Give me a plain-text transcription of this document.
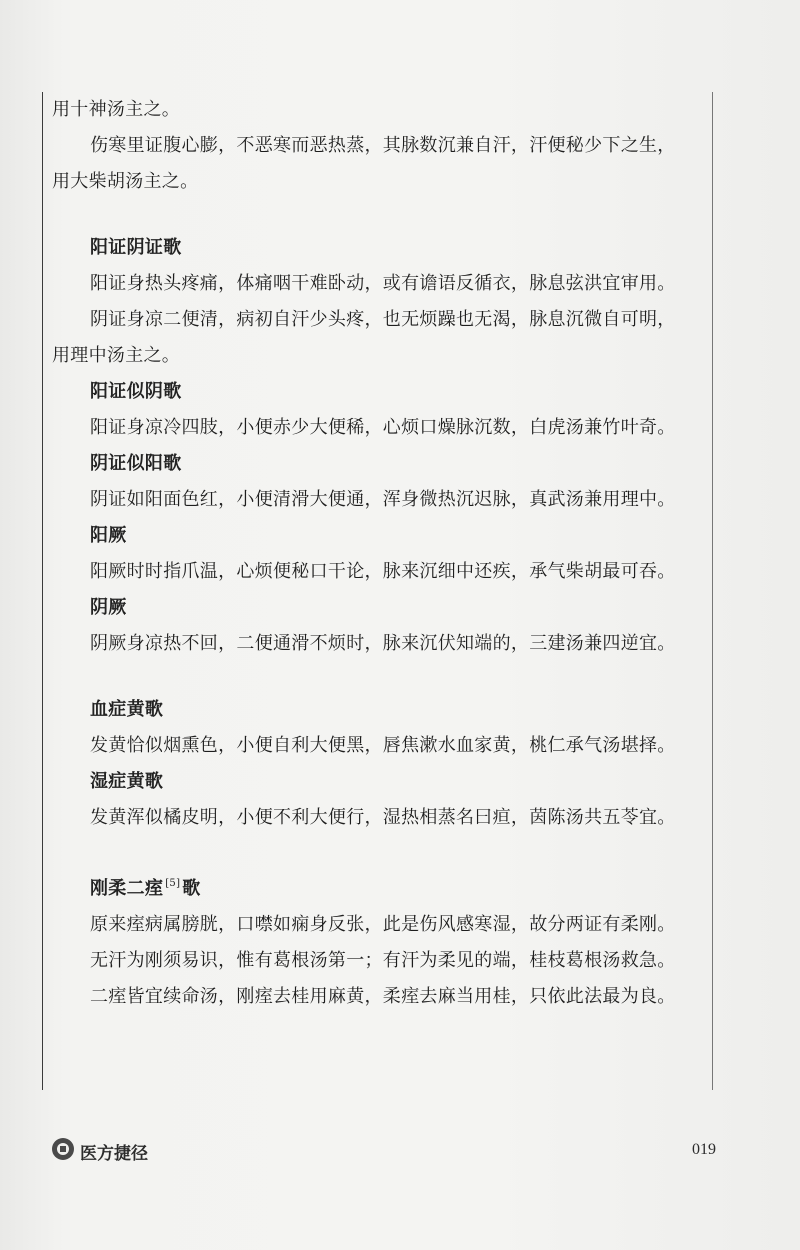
用十神汤主之。

伤寒里证腹心膨，不恶寒而恶热蒸，其脉数沉兼自汗，汗便秘少下之生，

用大柴胡汤主之。

阳证阴证歌

阳证身热头疼痛，体痛咽干难卧动，或有谵语反循衣，脉息弦洪宜审用。

阴证身凉二便清，病初自汗少头疼，也无烦躁也无渴，脉息沉微自可明，

用理中汤主之。

阳证似阴歌

阳证身凉冷四肢，小便赤少大便稀，心烦口燥脉沉数，白虎汤兼竹叶奇。

阴证似阳歌

阴证如阳面色红，小便清滑大便通，浑身微热沉迟脉，真武汤兼用理中。

阳厥

阳厥时时指爪温，心烦便秘口干论，脉来沉细中还疾，承气柴胡最可吞。

阴厥

阴厥身凉热不回，二便通滑不烦时，脉来沉伏知端的，三建汤兼四逆宜。

血症黄歌

发黄恰似烟熏色，小便自利大便黑，唇焦漱水血家黄，桃仁承气汤堪择。

湿症黄歌

发黄浑似橘皮明，小便不利大便行，湿热相蒸名曰疸，茵陈汤共五苓宜。

刚柔二痓 [5] 歌

原来痓病属膀胱，口噤如痫身反张，此是伤风感寒湿，故分两证有柔刚。

无汗为刚须易识，惟有葛根汤第一；有汗为柔见的端，桂枝葛根汤救急。

二痓皆宜续命汤，刚痓去桂用麻黄，柔痓去麻当用桂，只依此法最为良。

医方捷径	019
